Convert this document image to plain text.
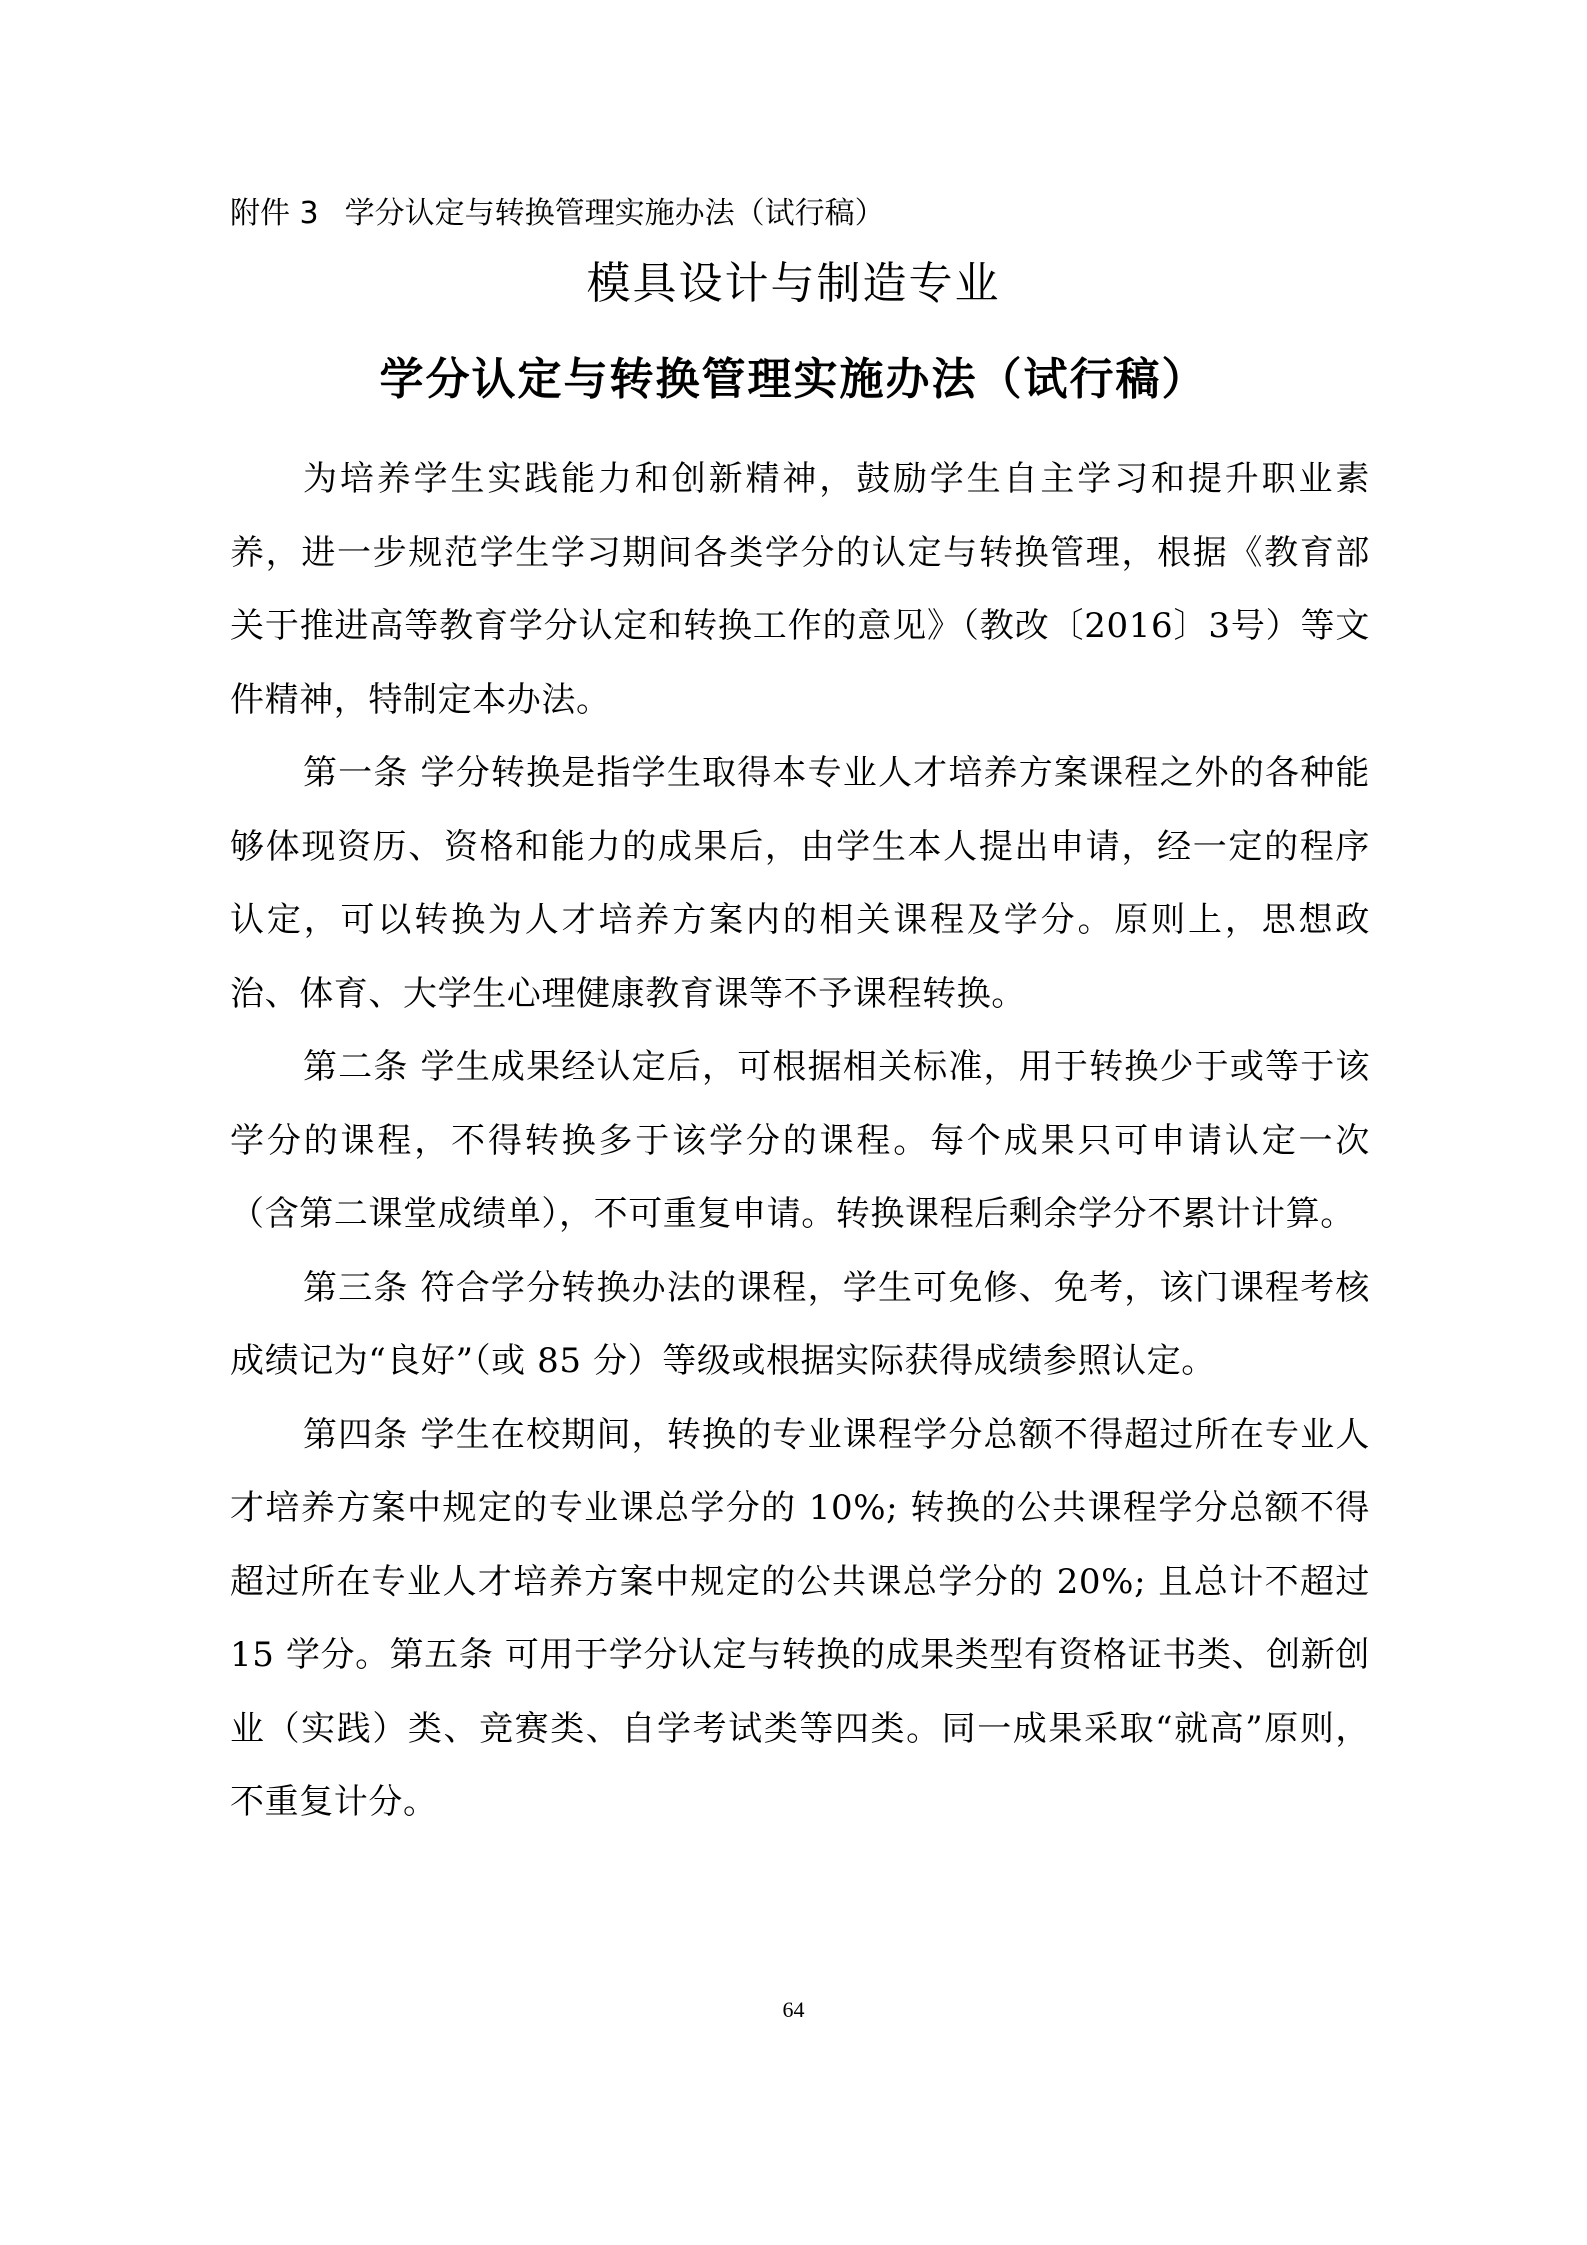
附件 3 学分认定与转换管理实施办法（试行稿）
模具设计与制造专业
学分认定与转换管理实施办法（试行稿）

为培养学生实践能力和创新精神，鼓励学生自主学习和提升职业素养，进一步规范学生学习期间各类学分的认定与转换管理，根据《教育部关于推进高等教育学分认定和转换工作的意见》（教改〔2016〕3号）等文件精神，特制定本办法。

第一条 学分转换是指学生取得本专业人才培养方案课程之外的各种能够体现资历、资格和能力的成果后，由学生本人提出申请，经一定的程序认定，可以转换为人才培养方案内的相关课程及学分。原则上，思想政治、体育、大学生心理健康教育课等不予课程转换。

第二条 学生成果经认定后，可根据相关标准，用于转换少于或等于该学分的课程，不得转换多于该学分的课程。每个成果只可申请认定一次（含第二课堂成绩单），不可重复申请。转换课程后剩余学分不累计计算。

第三条 符合学分转换办法的课程，学生可免修、免考，该门课程考核成绩记为“良好”（或 85 分）等级或根据实际获得成绩参照认定。

第四条 学生在校期间，转换的专业课程学分总额不得超过所在专业人才培养方案中规定的专业课总学分的 10%; 转换的公共课程学分总额不得超过所在专业人才培养方案中规定的公共课总学分的 20%; 且总计不超过 15 学分。第五条 可用于学分认定与转换的成果类型有资格证书类、创新创业（实践）类、竞赛类、自学考试类等四类。同一成果采取“就高”原则，不重复计分。

64
